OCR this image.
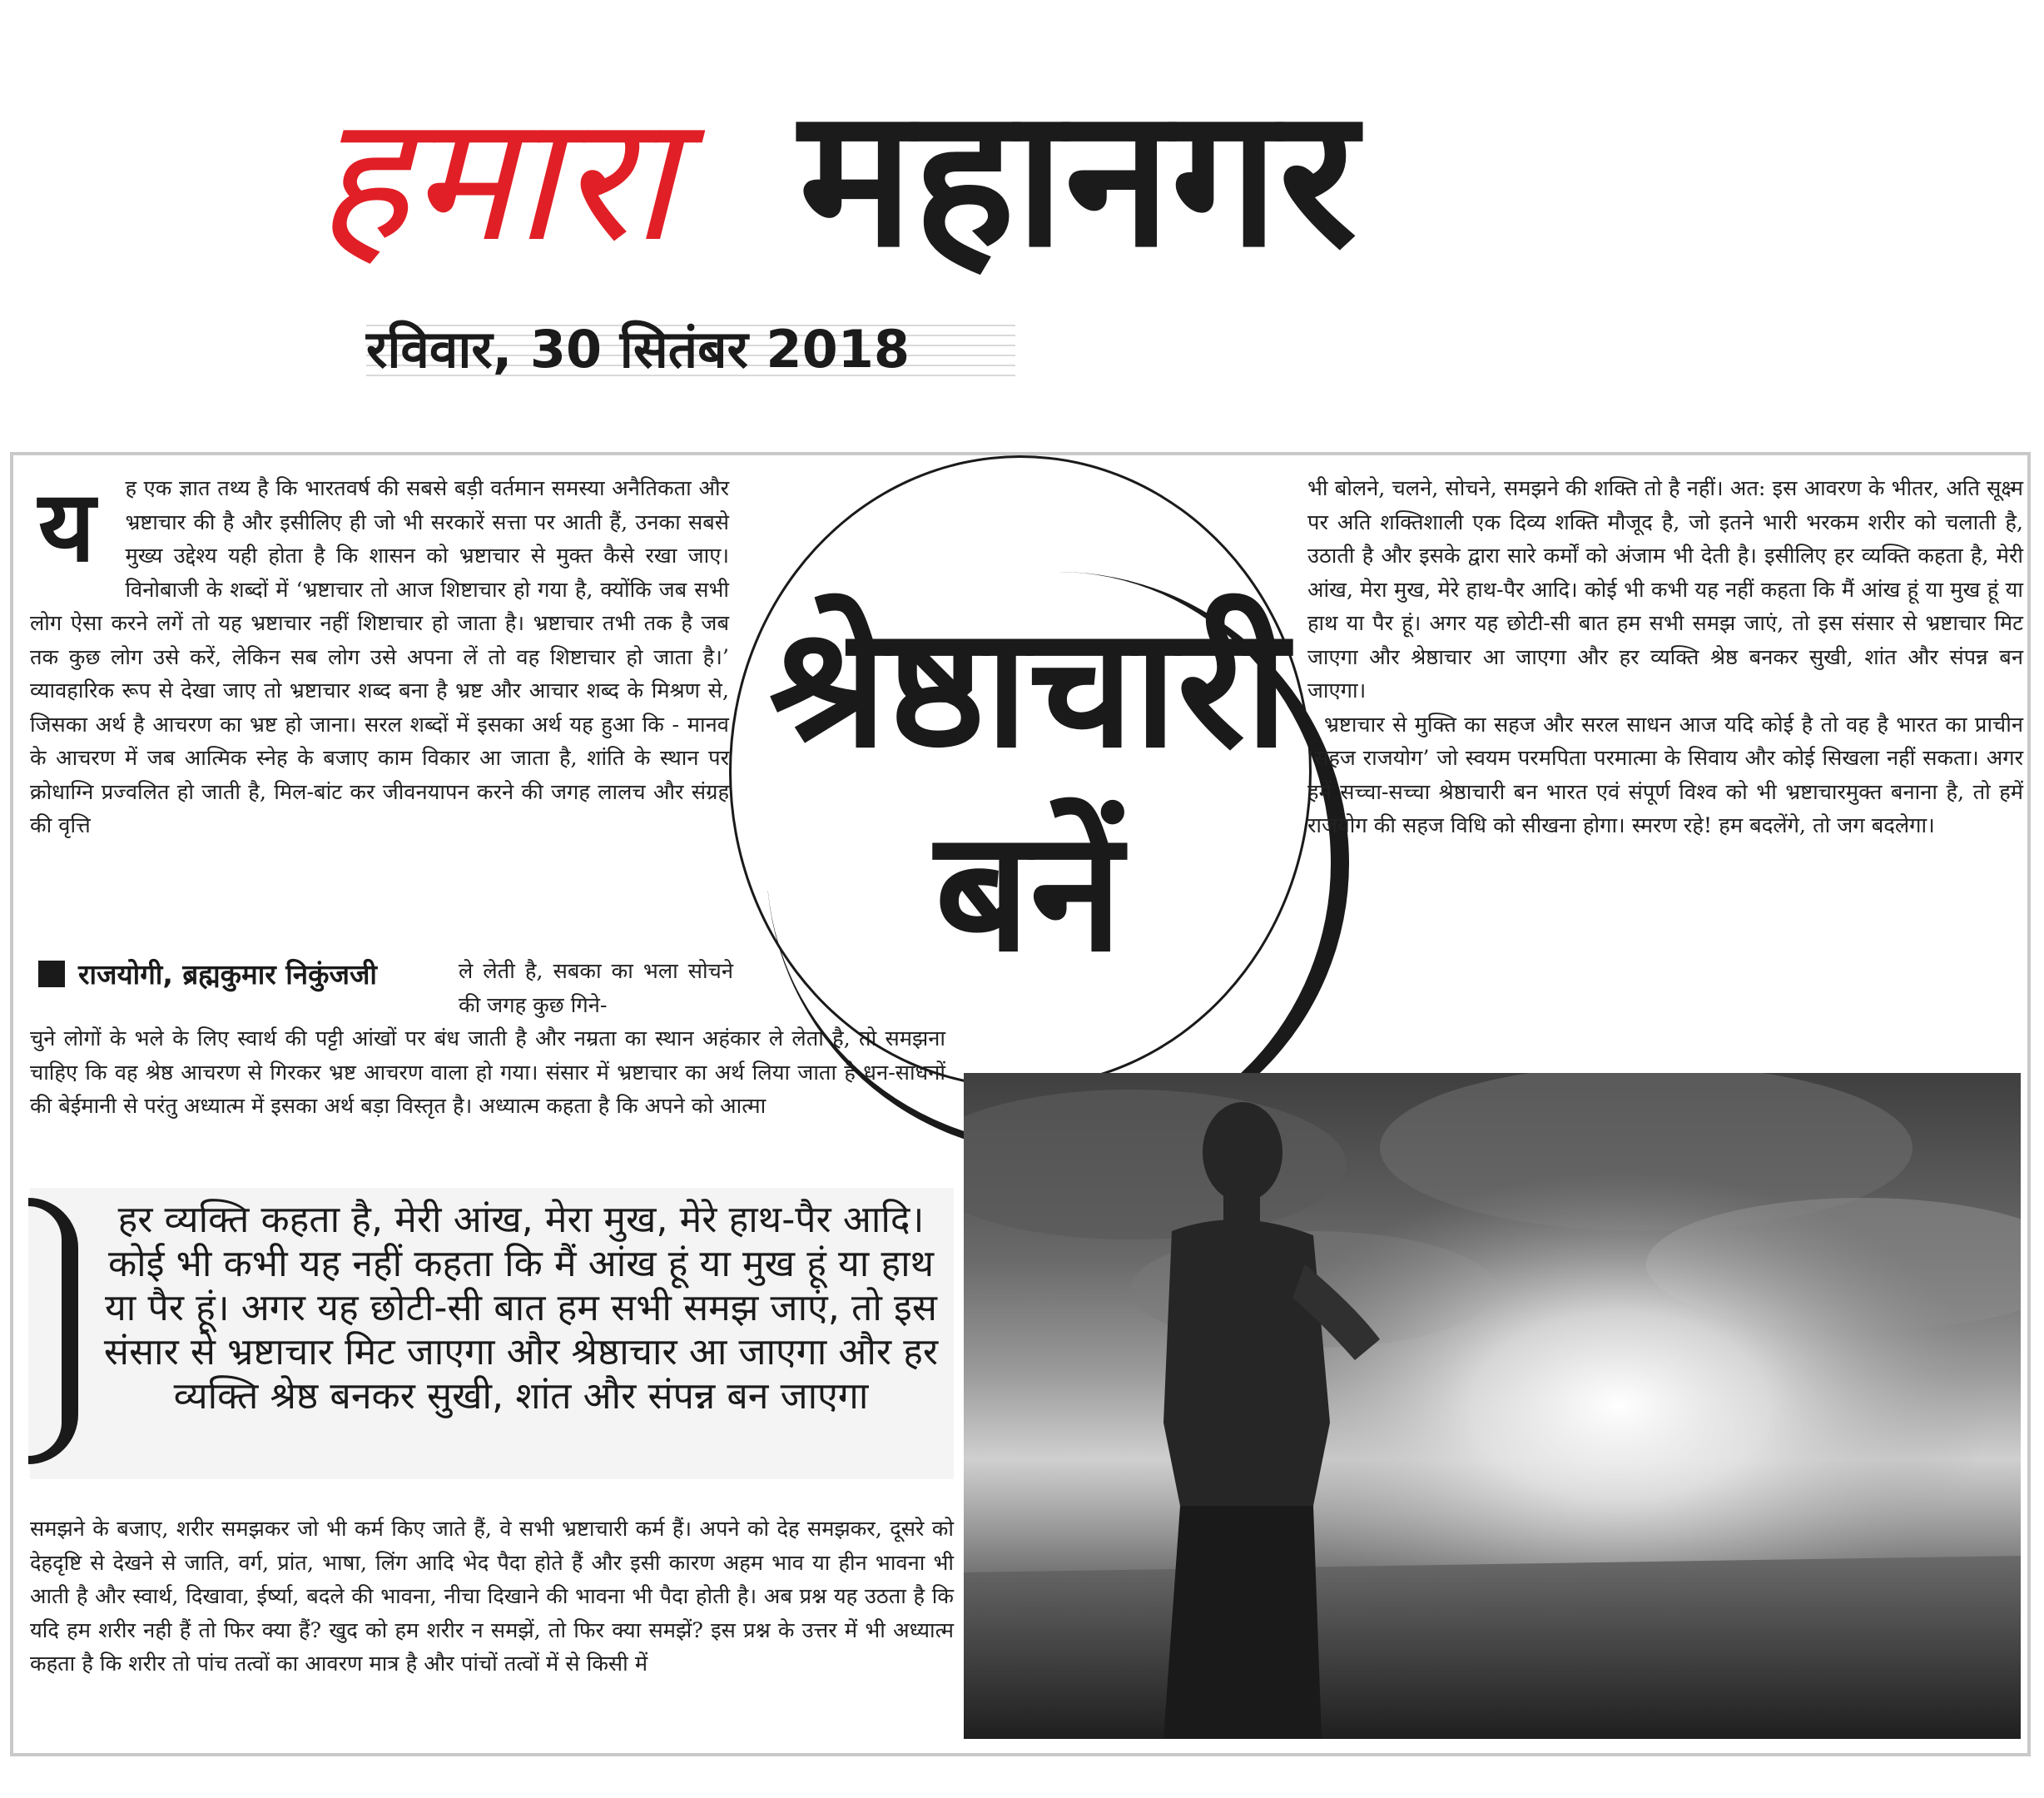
हमारा महानगर
रविवार, 30 सितंबर 2018
य ह एक ज्ञात तथ्य है कि भारतवर्ष की सबसे बड़ी वर्तमान समस्या अनैतिकता और भ्रष्टाचार की है और इसीलिए ही जो भी सरकारें सत्ता पर आती हैं, उनका सबसे मुख्य उद्देश्य यही होता है कि शासन को भ्रष्टाचार से मुक्त कैसे रखा जाए। विनोबाजी के शब्दों में ‘भ्रष्टाचार तो आज शिष्टाचार हो गया है, क्योंकि जब सभी लोग ऐसा करने लगें तो यह भ्रष्टाचार नहीं शिष्टाचार हो जाता है। भ्रष्टाचार तभी तक है जब तक कुछ लोग उसे करें, लेकिन सब लोग उसे अपना लें तो वह शिष्टाचार हो जाता है।’ व्यावहारिक रूप से देखा जाए तो भ्रष्टाचार शब्द बना है भ्रष्ट और आचार शब्द के मिश्रण से, जिसका अर्थ है आचरण का भ्रष्ट हो जाना। सरल शब्दों में इसका अर्थ यह हुआ कि - मानव के आचरण में जब आत्मिक स्नेह के बजाए काम विकार आ जाता है, शांति के स्थान पर क्रोधाग्नि प्रज्वलित हो जाती है, मिल-बांट कर जीवनयापन करने की जगह लालच और संग्रह की वृत्ति
राजयोगी, ब्रह्मकुमार निकुंजजी	ले लेती है, सबका का भला सोचने की जगह कुछ गिने-
चुने लोगों के भले के लिए स्वार्थ की पट्टी आंखों पर बंध जाती है और नम्रता का स्थान अहंकार ले लेता है, तो समझना चाहिए कि वह श्रेष्ठ आचरण से गिरकर भ्रष्ट आचरण वाला हो गया। संसार में भ्रष्टाचार का अर्थ लिया जाता है धन-साधनों की बेईमानी से परंतु अध्यात्म में इसका अर्थ बड़ा विस्तृत है। अध्यात्म कहता है कि अपने को आत्मा
श्रेष्ठाचारी
बनें

भी बोलने, चलने, सोचने, समझने की शक्ति तो है नहीं। अत: इस आवरण के भीतर, अति सूक्ष्म पर अति शक्तिशाली एक दिव्य शक्ति मौजूद है, जो इतने भारी भरकम शरीर को चलाती है, उठाती है और इसके द्वारा सारे कर्मों को अंजाम भी देती है। इसीलिए हर व्यक्ति कहता है, मेरी आंख, मेरा मुख, मेरे हाथ-पैर आदि। कोई भी कभी यह नहीं कहता कि मैं आंख हूं या मुख हूं या हाथ या पैर हूं। अगर यह छोटी-सी बात हम सभी समझ जाएं, तो इस संसार से भ्रष्टाचार मिट जाएगा और श्रेष्ठाचार आ जाएगा और हर व्यक्ति श्रेष्ठ बनकर सुखी, शांत और संपन्न बन जाएगा।

भ्रष्टाचार से मुक्ति का सहज और सरल साधन आज यदि कोई है तो वह है भारत का प्राचीन ‘सहज राजयोग’ जो स्वयम परमपिता परमात्मा के सिवाय और कोई सिखला नहीं सकता। अगर हमें सच्चा-सच्चा श्रेष्ठाचारी बन भारत एवं संपूर्ण विश्व को भी भ्रष्टाचारमुक्त बनाना है, तो हमें राजयोग की सहज विधि को सीखना होगा। स्मरण रहे! हम बदलेंगे, तो जग बदलेगा।

हर व्यक्ति कहता है, मेरी आंख, मेरा मुख, मेरे हाथ-पैर आदि। कोई भी कभी यह नहीं कहता कि मैं आंख हूं या मुख हूं या हाथ या पैर हूं। अगर यह छोटी-सी बात हम सभी समझ जाएं, तो इस संसार से भ्रष्टाचार मिट जाएगा और श्रेष्ठाचार आ जाएगा और हर व्यक्ति श्रेष्ठ बनकर सुखी, शांत और संपन्न बन जाएगा
समझने के बजाए, शरीर समझकर जो भी कर्म किए जाते हैं, वे सभी भ्रष्टाचारी कर्म हैं। अपने को देह समझकर, दूसरे को देहदृष्टि से देखने से जाति, वर्ग, प्रांत, भाषा, लिंग आदि भेद पैदा होते हैं और इसी कारण अहम भाव या हीन भावना भी आती है और स्वार्थ, दिखावा, ईर्ष्या, बदले की भावना, नीचा दिखाने की भावना भी पैदा होती है। अब प्रश्न यह उठता है कि यदि हम शरीर नही हैं तो फिर क्या हैं? खुद को हम शरीर न समझें, तो फिर क्या समझें? इस प्रश्न के उत्तर में भी अध्यात्म कहता है कि शरीर तो पांच तत्वों का आवरण मात्र है और पांचों तत्वों में से किसी में
